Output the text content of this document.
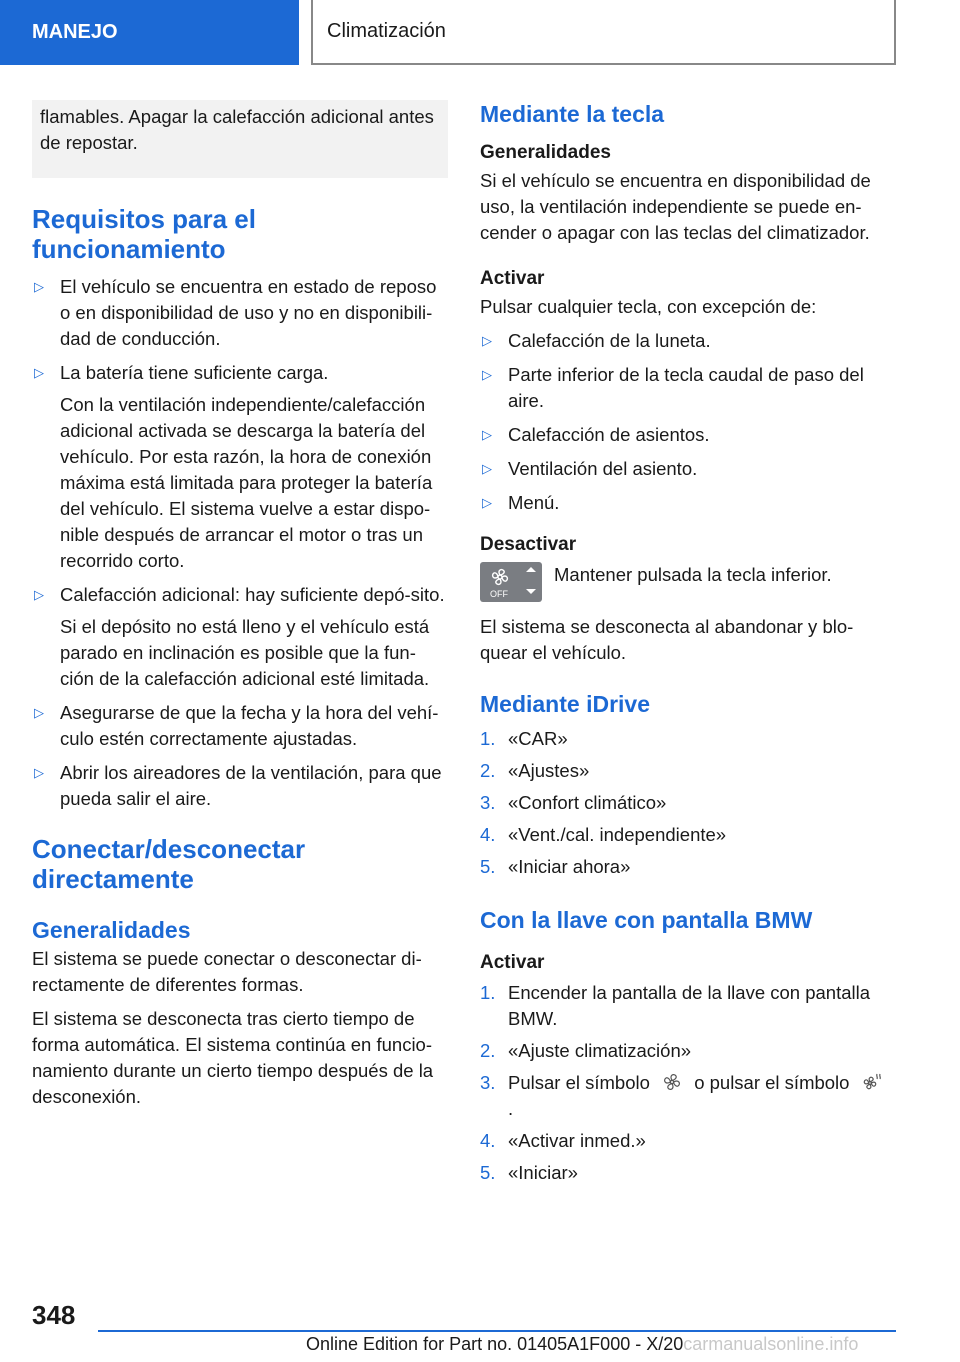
MANEJO	Climatización
flamables. Apagar la calefacción adicional antes de repostar.
Requisitos para el funcionamiento
▷ El vehículo se encuentra en estado de reposo o en disponibilidad de uso y no en disponibili-dad de conducción.
▷ La batería tiene suficiente carga.
Con la ventilación independiente/calefacción adicional activada se descarga la batería del vehículo. Por esta razón, la hora de conexión máxima está limitada para proteger la batería del vehículo. El sistema vuelve a estar dispo-nible después de arrancar el motor o tras un recorrido corto.
▷ Calefacción adicional: hay suficiente depó-sito.
Si el depósito no está lleno y el vehículo está parado en inclinación es posible que la fun-ción de la calefacción adicional esté limitada.
▷ Asegurarse de que la fecha y la hora del vehí-culo estén correctamente ajustadas.
▷ Abrir los aireadores de la ventilación, para que pueda salir el aire.
Conectar/desconectar directamente
Generalidades

El sistema se puede conectar o desconectar di-rectamente de diferentes formas.

El sistema se desconecta tras cierto tiempo de forma automática. El sistema continúa en funcio-namiento durante un cierto tiempo después de la desconexión.

Mediante la tecla
Generalidades

Si el vehículo se encuentra en disponibilidad de uso, la ventilación independiente se puede en-cender o apagar con las teclas del climatizador.

Activar

Pulsar cualquier tecla, con excepción de:

▷ Calefacción de la luneta.
▷ Parte inferior de la tecla caudal de paso del aire.
▷ Calefacción de asientos.
▷ Ventilación del asiento.
▷ Menú.
Desactivar
OFF
Mantener pulsada la tecla inferior.

El sistema se desconecta al abandonar y blo-quear el vehículo.

Mediante iDrive
1. «CAR»
2. «Ajustes»
3. «Confort climático»
4. «Vent./cal. independiente»
5. «Iniciar ahora»
Con la llave con pantalla BMW
Activar
1. Encender la pantalla de la llave con pantalla BMW.
2. «Ajuste climatización»
3. Pulsar el símbolo o pulsar el símbolo  .
4. «Activar inmed.»
5. «Iniciar»
348
Online Edition for Part no. 01405A1F000 - X/20carmanualsonline.info
